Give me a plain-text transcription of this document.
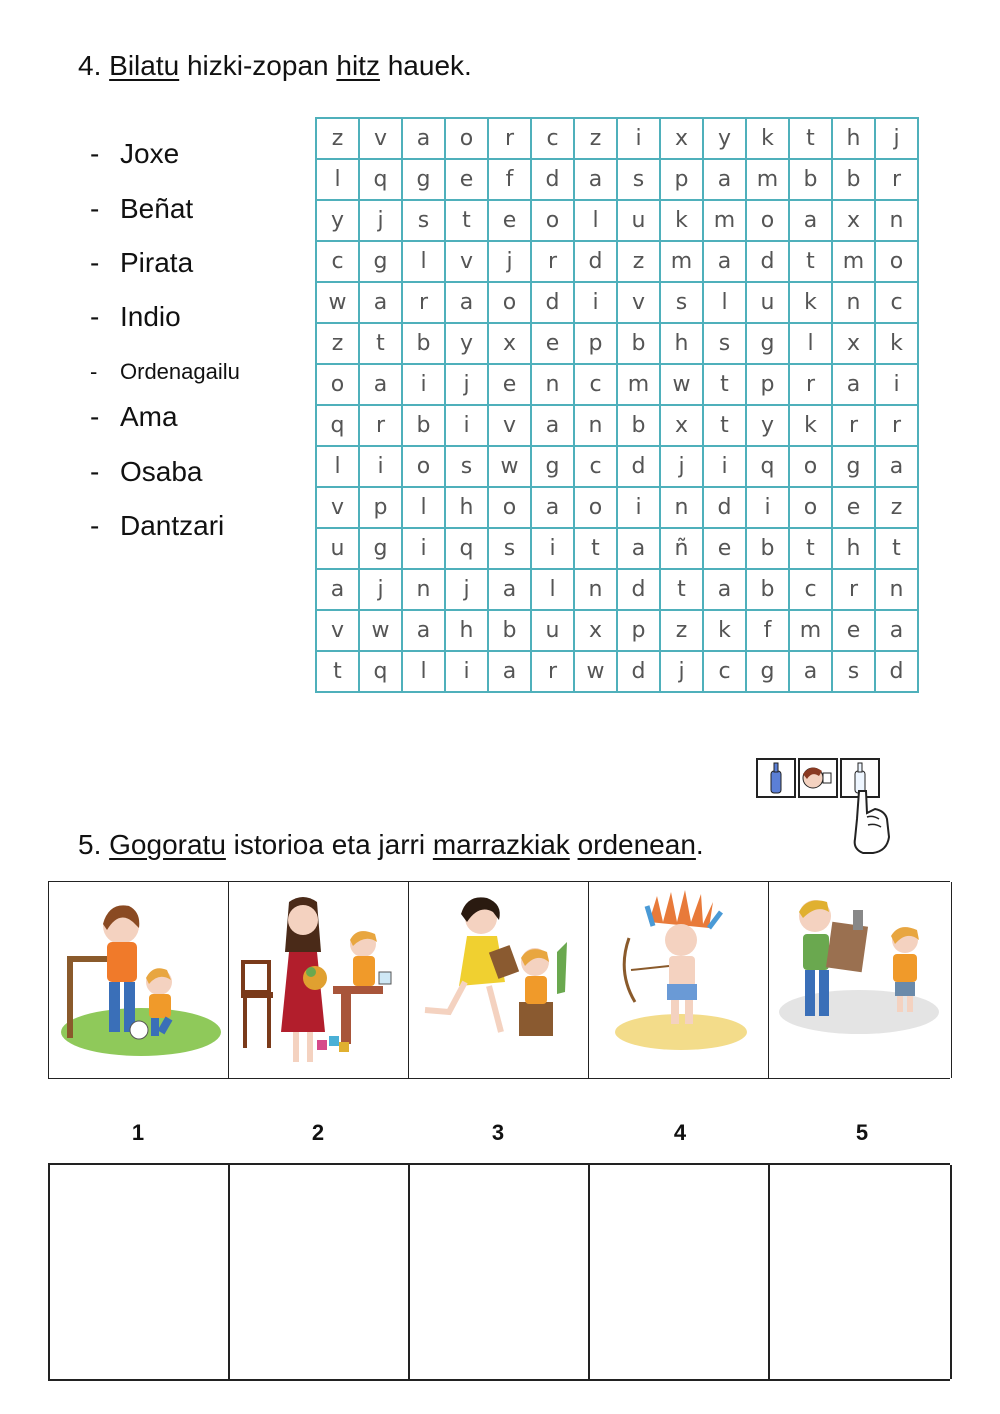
4. Bilatu hizki-zopan hitz hauek.
- Joxe
- Beñat
- Pirata
- Indio
- Ordenagailu
- Ama
- Osaba
- Dantzari
z	v	a	o	r	c	z	i	x	y	k	t	h	j
l	q	g	e	f	d	a	s	p	a	m	b	b	r
y	j	s	t	e	o	l	u	k	m	o	a	x	n
c	g	l	v	j	r	d	z	m	a	d	t	m	o
w	a	r	a	o	d	i	v	s	l	u	k	n	c
z	t	b	y	x	e	p	b	h	s	g	l	x	k
o	a	i	j	e	n	c	m	w	t	p	r	a	i
q	r	b	i	v	a	n	b	x	t	y	k	r	r
l	i	o	s	w	g	c	d	j	i	q	o	g	a
v	p	l	h	o	a	o	i	n	d	i	o	e	z
u	g	i	q	s	i	t	a	ñ	e	b	t	h	t
a	j	n	j	a	l	n	d	t	a	b	c	r	n
v	w	a	h	b	u	x	p	z	k	f	m	e	a
t	q	l	i	a	r	w	d	j	c	g	a	s	d
5. Gogoratu istorioa eta jarri marrazkiak ordenean.
1	2	3	4	5
